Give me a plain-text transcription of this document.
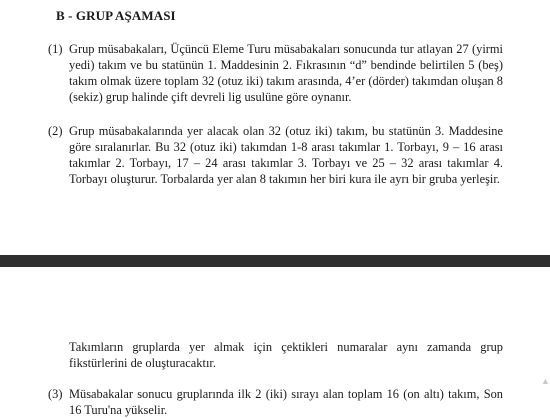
B - GRUP AŞAMASI
(1) Grup müsabakaları, Üçüncü Eleme Turu müsabakaları sonucunda tur atlayan 27 (yirmi yedi) takım ve bu statünün 1. Maddesinin 2. Fıkrasının “d” bendinde belirtilen 5 (beş) takım olmak üzere toplam 32 (otuz iki) takım arasında, 4’er (dörder) takımdan oluşan 8 (sekiz) grup halinde çift devreli lig usulüne göre oynanır.

(2) Grup müsabakalarında yer alacak olan 32 (otuz iki) takım, bu statünün 3. Maddesine göre sıralanırlar. Bu 32 (otuz iki) takımdan 1-8 arası takımlar 1. Torbayı, 9 – 16 arası takımlar 2. Torbayı, 17 – 24 arası takımlar 3. Torbayı ve 25 – 32 arası takımlar 4. Torbayı oluşturur. Torbalarda yer alan 8 takımın her biri kura ile ayrı bir gruba yerleşir.

Takımların gruplarda yer almak için çektikleri numaralar aynı zamanda grup fikstürlerini de oluşturacaktır.

(3) Müsabakalar sonucu gruplarında ilk 2 (iki) sırayı alan toplam 16 (on altı) takım, Son 16 Turu'na yükselir.

▲
